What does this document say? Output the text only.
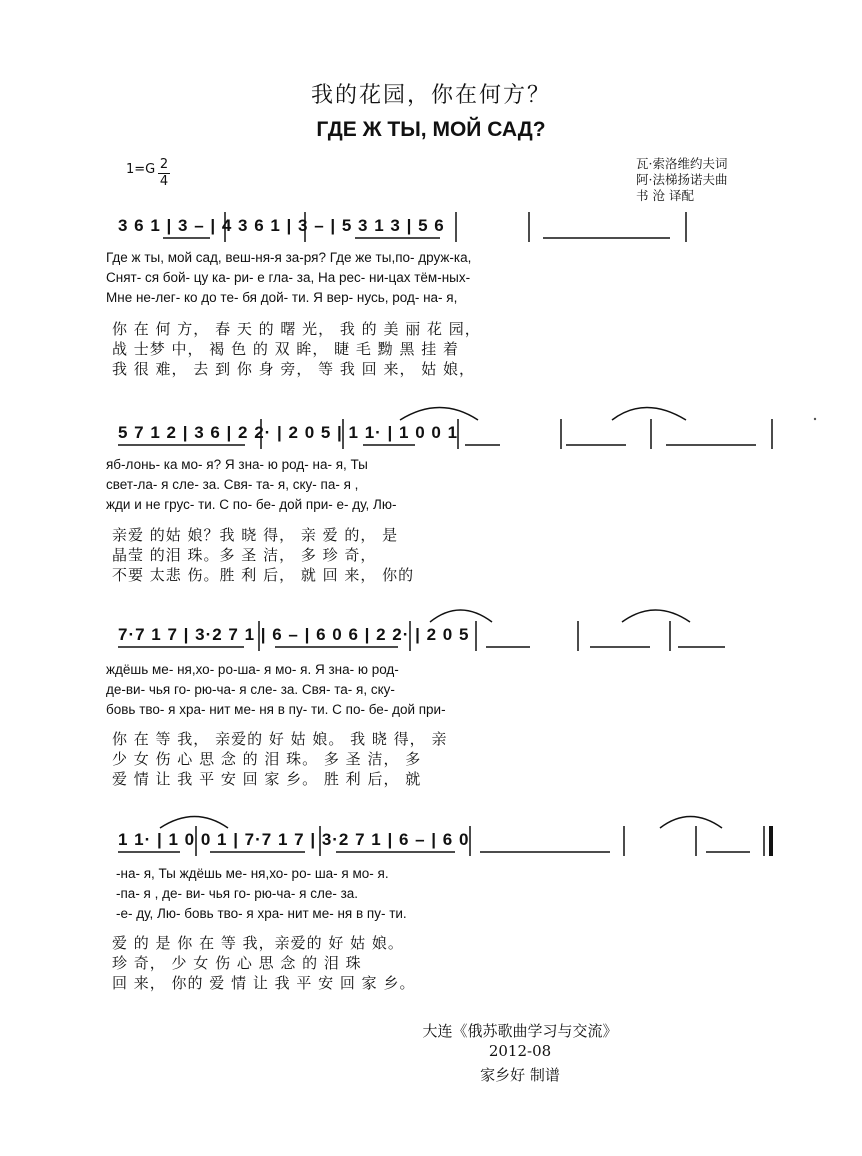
我的花园，你在何方？
ГДЕ Ж ТЫ, МОЙ САД?
1=G 2
4
瓦·索洛维约夫词
阿·法梯扬诺夫曲
书 沧 译配
3 6 1 | 3 – | 4 3 6 1 | 3 – | 5 3 1 3 | 5 6
Где ж ты, мой сад, веш-ня-я за-ря? Где же ты,по- друж-ка,
Снят- ся бой- цу ка- ри- е гла- за, На рес- ни-цах тём-ных-
Мне не-лег- ко до те- бя дой- ти. Я вер- нусь, род- на- я,
你 在 何 方， 春 天 的 曙 光， 我 的 美 丽 花 园，
战 士梦 中， 褐 色 的 双 眸， 睫 毛 黝 黑 挂 着
我 很 难， 去 到 你 身 旁， 等 我 回 来， 姑 娘，
5 7 1 2 | 3 6 | 2 2· | 2 0 5 | 1 1· | 1 0 0 1
яб-лонь- ка мо- я? Я зна- ю род- на- я, Ты
свет-ла- я сле- за. Свя- та- я, ску- па- я ,
жди и не грус- ти. С по- бе- дой при- е- ду, Лю-
亲爱 的姑 娘？我 晓 得， 亲 爱 的， 是
晶莹 的泪 珠。多 圣 洁， 多 珍 奇，
不要 太悲 伤。胜 利 后， 就 回 来， 你的
7·7 1 7 | 3·2 7 1 | 6 – | 6 0 6 | 2 2· | 2 0 5
ждёшь ме- ня,хо- ро-ша- я мо- я. Я зна- ю род-
де-ви- чья го- рю-ча- я сле- за. Свя- та- я, ску-
бовь тво- я хра- нит ме- ня в пу- ти. С по- бе- дой при-
你 在 等 我， 亲爱的 好 姑 娘。 我 晓 得， 亲
少 女 伤 心 思 念 的 泪 珠。 多 圣 洁， 多
爱 情 让 我 平 安 回 家 乡。 胜 利 后， 就
1 1· | 1 0 0 1 | 7·7 1 7 | 3·2 7 1 | 6 – | 6 0
-на- я, Ты ждёшь ме- ня,хо- ро- ша- я мо- я.
-па- я , де- ви- чья го- рю-ча- я сле- за.
-е- ду, Лю- бовь тво- я хра- нит ме- ня в пу- ти.
爱 的 是 你 在 等 我，亲爱的 好 姑 娘。
珍 奇， 少 女 伤 心 思 念 的 泪 珠
回 来， 你的 爱 情 让 我 平 安 回 家 乡。
大连《俄苏歌曲学习与交流》
2012-08
家乡好 制谱
